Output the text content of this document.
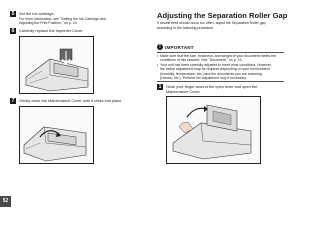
5	Set the ink cartridge.
For more information, see "Setting the Ink Cartridge and
Adjusting the Print Position," on p. 24.
6	Carefully replace the Imprinter Cover.
7	Gently close the Maintenance Cover until it clicks into place.
Adjusting the Separation Roller Gap
If double feed should occur too often, adjust the Separation Roller gap
according to the following procedure.
! IMPORTANT
• Make sure that the size, thickness, and weight of your document meets the
conditions of this scanner. See "Document," on p. 13.
• Your unit has been carefully adjusted to meet most conditions. However,
the below adjustment may be required depending on your environment
(humidity, temperature, etc.) and the documents you are scanning
(checks, etc.). Perform the adjustment only if necessary.
1	Hook your finger around the open lever and open the
Maintenance Cover.
52
